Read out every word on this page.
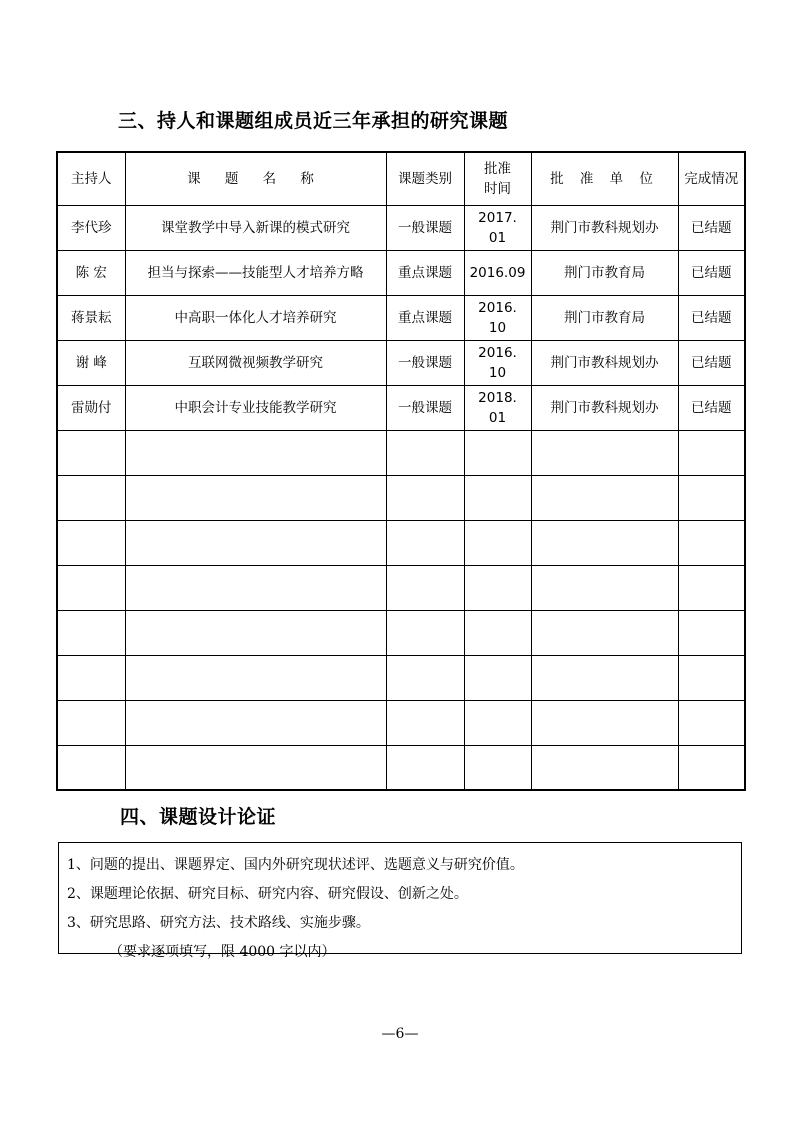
三、持人和课题组成员近三年承担的研究课题
主持人	课 题 名 称	课题类别	批准时间	批 准 单 位	完成情况
李代珍	课堂教学中导入新课的模式研究	一般课题	2017.01	荆门市教科规划办	已结题
陈 宏	担当与探索——技能型人才培养方略	重点课题	2016.09	荆门市教育局	已结题
蒋景耘	中高职一体化人才培养研究	重点课题	2016.10	荆门市教育局	已结题
谢 峰	互联网微视频教学研究	一般课题	2016.10	荆门市教科规划办	已结题
雷勋付	中职会计专业技能教学研究	一般课题	2018.01	荆门市教科规划办	已结题

四、课题设计论证
1、问题的提出、课题界定、国内外研究现状述评、选题意义与研究价值。
2、课题理论依据、研究目标、研究内容、研究假设、创新之处。
3、研究思路、研究方法、技术路线、实施步骤。
（要求逐项填写，限 4000 字以内）
—6—
